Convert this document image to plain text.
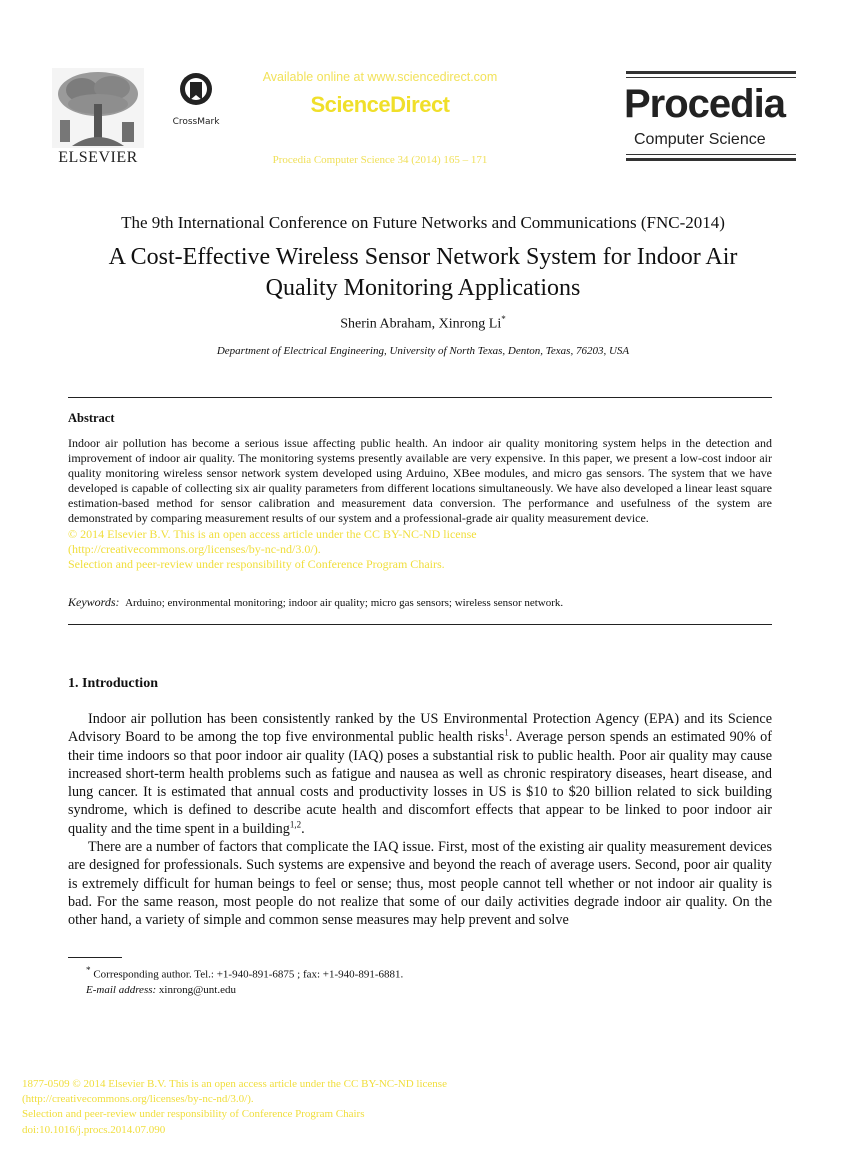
ELSEVIER
CrossMark
Available online at www.sciencedirect.com
ScienceDirect
Procedia Computer Science 34 (2014) 165 – 171
Procedia
Computer Science
The 9th International Conference on Future Networks and Communications (FNC-2014)
A Cost-Effective Wireless Sensor Network System for Indoor Air
Quality Monitoring Applications
Sherin Abraham, Xinrong Li*
Department of Electrical Engineering, University of North Texas, Denton, Texas, 76203, USA
Abstract
Indoor air pollution has become a serious issue affecting public health. An indoor air quality monitoring system helps in the detection and improvement of indoor air quality. The monitoring systems presently available are very expensive. In this paper, we present a low-cost indoor air quality monitoring wireless sensor network system developed using Arduino, XBee modules, and micro gas sensors. The system that we have developed is capable of collecting six air quality parameters from different locations simultaneously. We have also developed a linear least square estimation-based method for sensor calibration and measurement data conversion. The performance and usefulness of the system are demonstrated by comparing measurement results of our system and a professional-grade air quality measurement device.
© 2014 Elsevier B.V. This is an open access article under the CC BY-NC-ND license
(http://creativecommons.org/licenses/by-nc-nd/3.0/).
Selection and peer-review under responsibility of Conference Program Chairs.
Keywords: Arduino; environmental monitoring; indoor air quality; micro gas sensors; wireless sensor network.
1. Introduction

Indoor air pollution has been consistently ranked by the US Environmental Protection Agency (EPA) and its Science Advisory Board to be among the top five environmental public health risks$^1$. Average person spends an estimated 90% of their time indoors so that poor indoor air quality (IAQ) poses a substantial risk to public health. Poor air quality may cause increased short-term health problems such as fatigue and nausea as well as chronic respiratory diseases, heart disease, and lung cancer. It is estimated that annual costs and productivity losses in US is $10 to $20 billion related to sick building syndrome, which is defined to describe acute health and discomfort effects that appear to be linked to poor indoor air quality and the time spent in a building$^{1,2}$.

There are a number of factors that complicate the IAQ issue. First, most of the existing air quality measurement devices are designed for professionals. Such systems are expensive and beyond the reach of average users. Second, poor air quality is extremely difficult for human beings to feel or sense; thus, most people cannot tell whether or not indoor air quality is bad. For the same reason, most people do not realize that some of our daily activities degrade indoor air quality. On the other hand, a variety of simple and common sense measures may help prevent and solve

* Corresponding author. Tel.: +1-940-891-6875 ; fax: +1-940-891-6881.
E-mail address: xinrong@unt.edu
1877-0509 © 2014 Elsevier B.V. This is an open access article under the CC BY-NC-ND license
(http://creativecommons.org/licenses/by-nc-nd/3.0/).
Selection and peer-review under responsibility of Conference Program Chairs
doi:10.1016/j.procs.2014.07.090
